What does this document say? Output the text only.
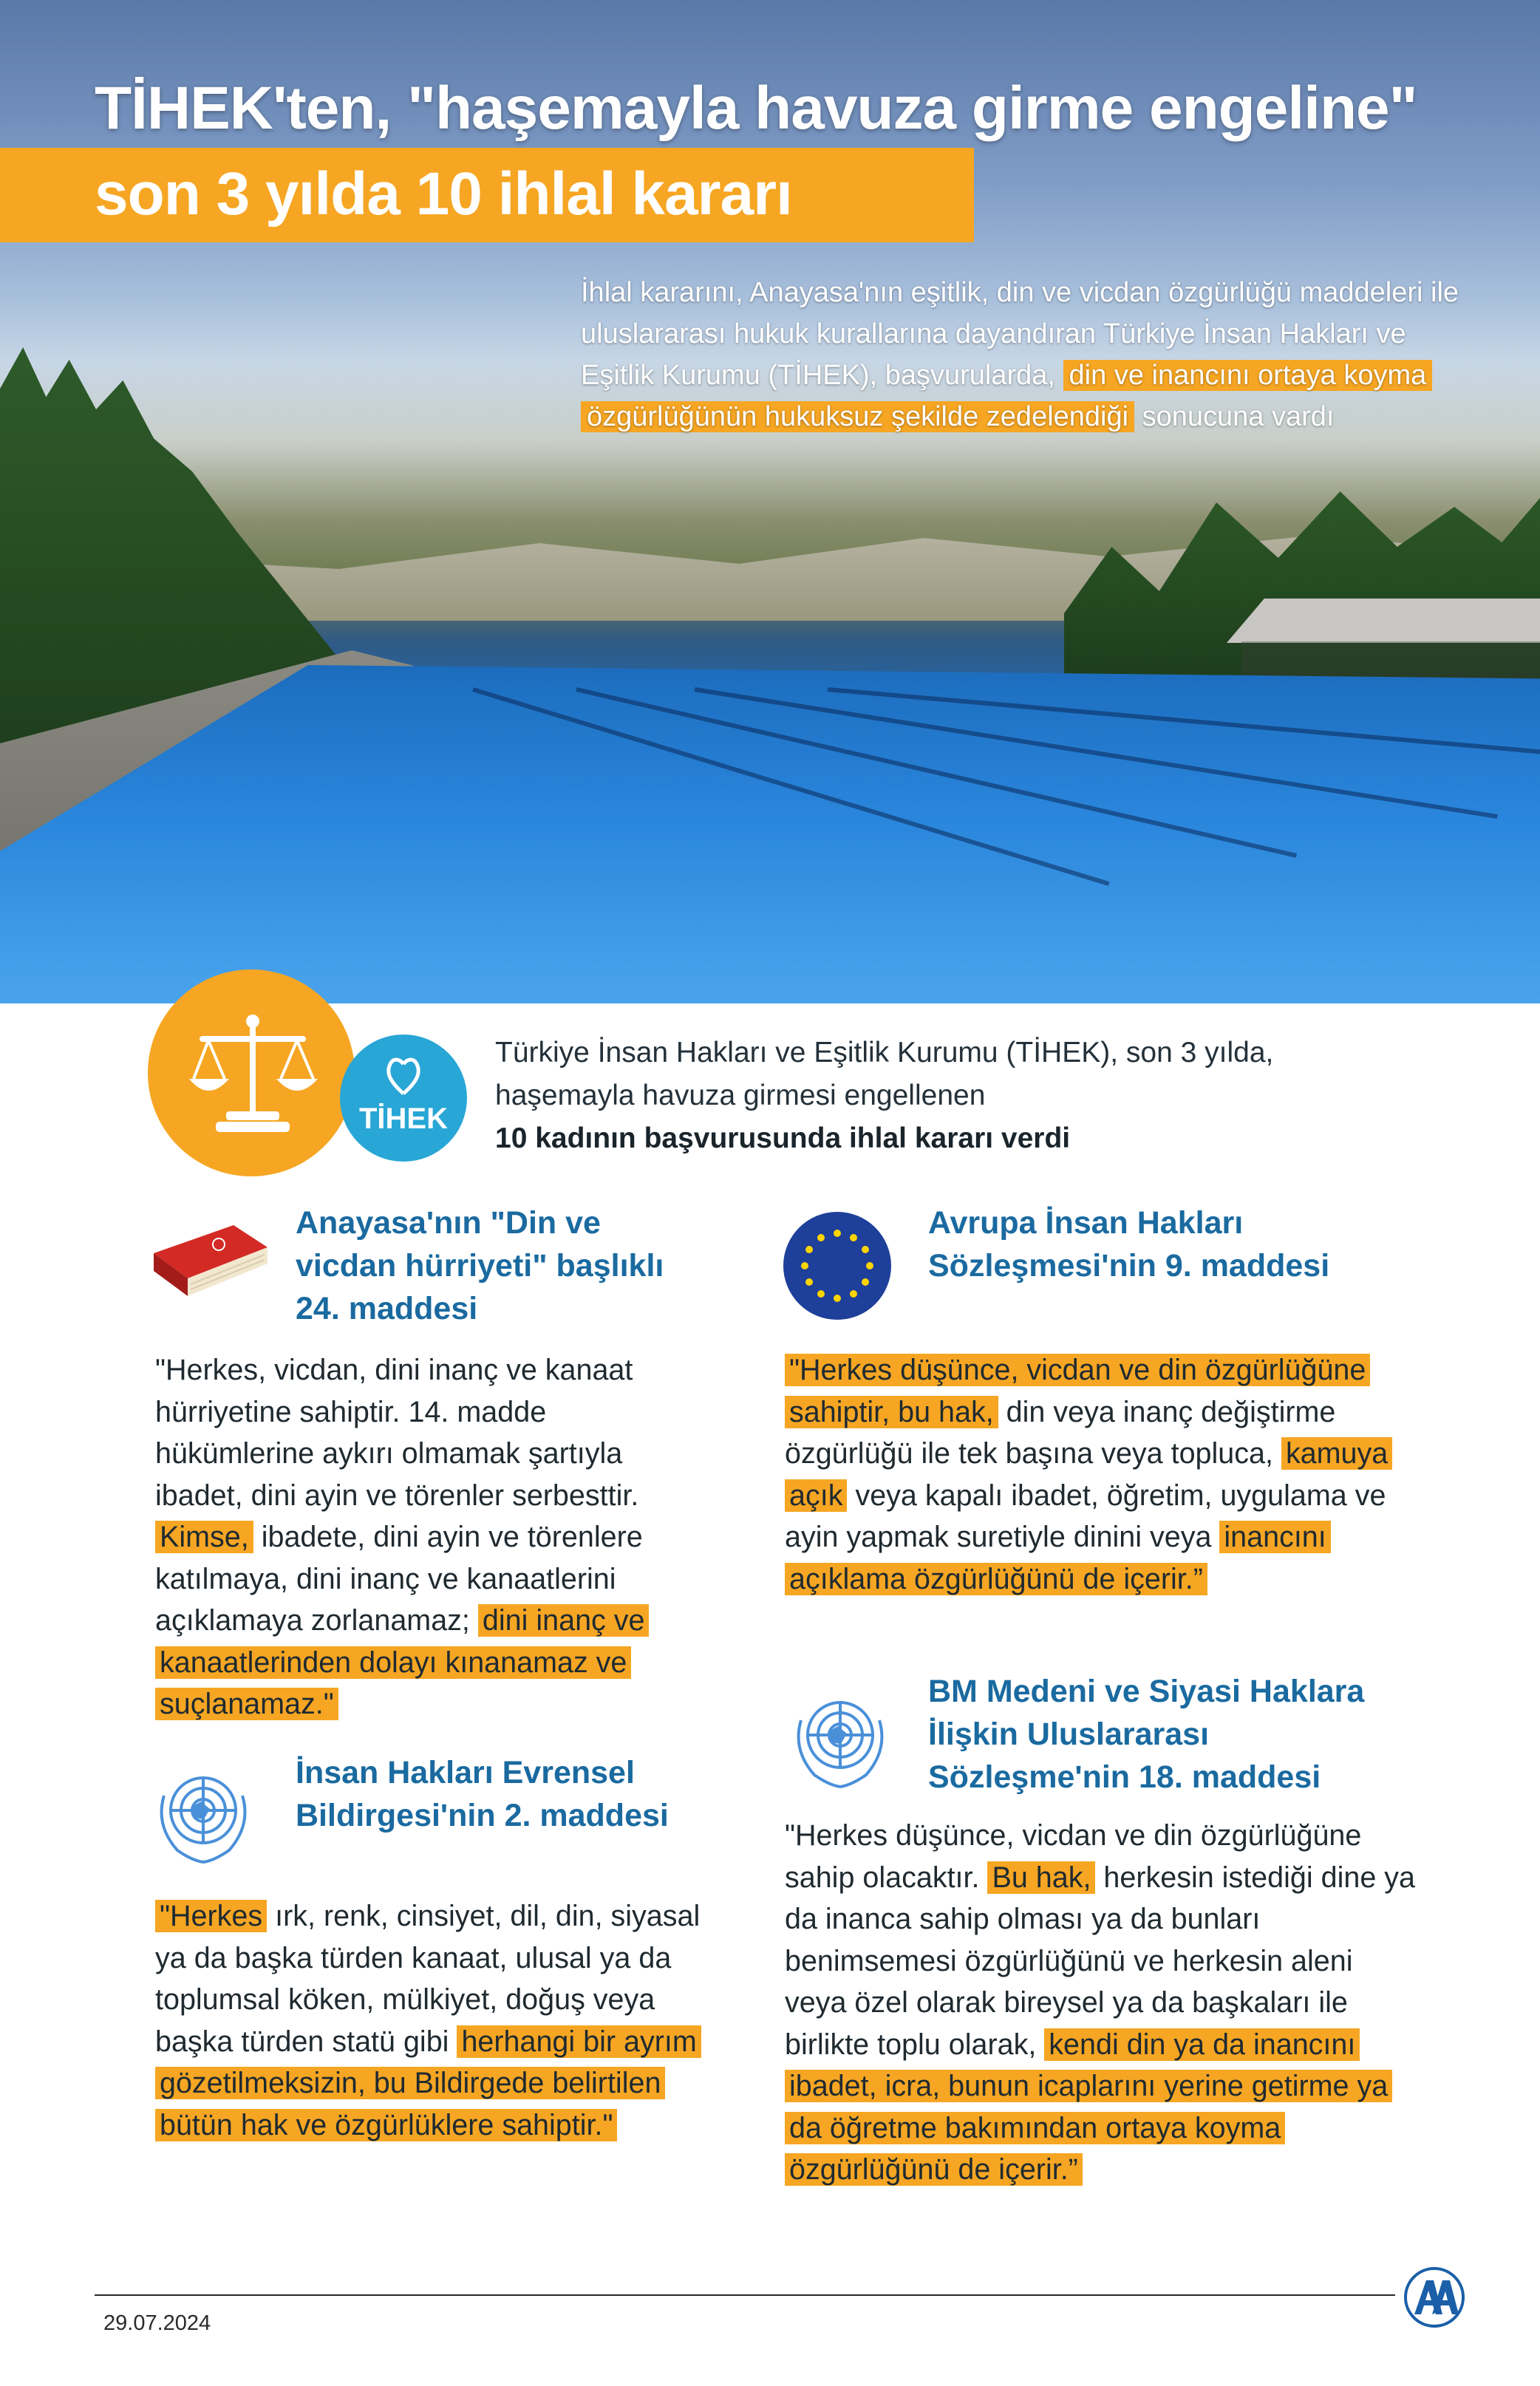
TİHEK'ten, "haşemayla havuza girme engeline"
son 3 yılda 10 ihlal kararı
İhlal kararını, Anayasa'nın eşitlik, din ve vicdan özgürlüğü maddeleri ile uluslararası hukuk kurallarına dayandıran Türkiye İnsan Hakları ve Eşitlik Kurumu (TİHEK), başvurularda, din ve inancını ortaya koyma özgürlüğünün hukuksuz şekilde zedelendiği sonucuna vardı
TİHEK
Türkiye İnsan Hakları ve Eşitlik Kurumu (TİHEK), son 3 yılda, haşemayla havuza girmesi engellenen
10 kadının başvurusunda ihlal kararı verdi
Anayasa'nın "Din ve vicdan hürriyeti" başlıklı 24. maddesi
"Herkes, vicdan, dini inanç ve kanaat hürriyetine sahiptir. 14. madde hükümlerine aykırı olmamak şartıyla ibadet, dini ayin ve törenler serbesttir. Kimse, ibadete, dini ayin ve törenlere katılmaya, dini inanç ve kanaatlerini açıklamaya zorlanamaz; dini inanç ve kanaatlerinden dolayı kınanamaz ve suçlanamaz."
İnsan Hakları Evrensel Bildirgesi'nin 2. maddesi
"Herkes ırk, renk, cinsiyet, dil, din, siyasal ya da başka türden kanaat, ulusal ya da toplumsal köken, mülkiyet, doğuş veya başka türden statü gibi herhangi bir ayrım gözetilmeksizin, bu Bildirgede belirtilen bütün hak ve özgürlüklere sahiptir."
Avrupa İnsan Hakları Sözleşmesi'nin 9. maddesi
"Herkes düşünce, vicdan ve din özgürlüğüne sahiptir, bu hak, din veya inanç değiştirme özgürlüğü ile tek başına veya topluca, kamuya açık veya kapalı ibadet, öğretim, uygulama ve ayin yapmak suretiyle dinini veya inancını açıklama özgürlüğünü de içerir.”
BM Medeni ve Siyasi Haklara İlişkin Uluslararası Sözleşme'nin 18. maddesi
"Herkes düşünce, vicdan ve din özgürlüğüne sahip olacaktır. Bu hak, herkesin istediği dine ya da inanca sahip olması ya da bunları benimsemesi özgürlüğünü ve herkesin aleni veya özel olarak bireysel ya da başkaları ile birlikte toplu olarak, kendi din ya da inancını ibadet, icra, bunun icaplarını yerine getirme ya da öğretme bakımından ortaya koyma özgürlüğünü de içerir.”
29.07.2024
